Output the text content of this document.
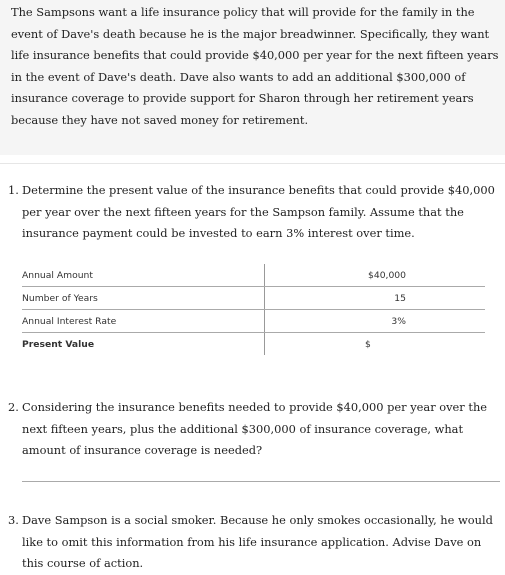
The Sampsons want a life insurance policy that will provide for the family in the event of Dave's death because he is the major breadwinner. Specifically, they want life insurance benefits that could provide $40,000 per year for the next fifteen years in the event of Dave's death. Dave also wants to add an additional $300,000 of insurance coverage to provide support for Sharon through her retirement years because they have not saved money for retirement.
1. Determine the present value of the insurance benefits that could provide $40,000 per year over the next fifteen years for the Sampson family. Assume that the insurance payment could be invested to earn 3% interest over time.
Annual Amount	$40,000
Number of Years	15
Annual Interest Rate	3%
Present Value	$
2. Considering the insurance benefits needed to provide $40,000 per year over the next fifteen years, plus the additional $300,000 of insurance coverage, what amount of insurance coverage is needed?
3. Dave Sampson is a social smoker. Because he only smokes occasionally, he would like to omit this information from his life insurance application. Advise Dave on this course of action.
